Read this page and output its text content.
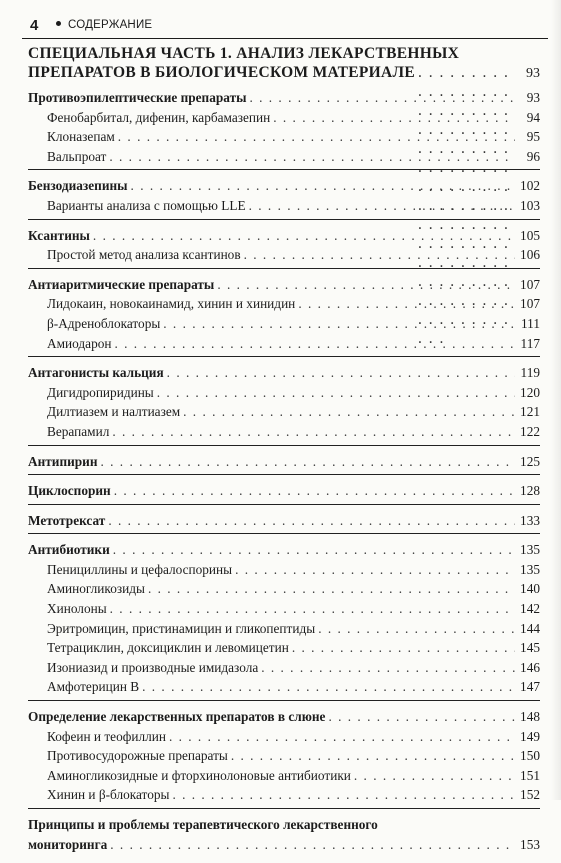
4	СОДЕРЖАНИЕ
СПЕЦИАЛЬНАЯ ЧАСТЬ 1. АНАЛИЗ ЛЕКАРСТВЕННЫХ
ПРЕПАРАТОВ В БИОЛОГИЧЕСКОМ МАТЕРИАЛЕ . . .	93
Противоэпилептические препараты . . .	93
Фенобарбитал, дифенин, карбамазепин . . .	94
Клоназепам . . .	95
Вальпроат . . .	96
Бензодиазепины . . .	102
Варианты анализа с помощью LLE . . .	103
Ксантины . . .	105
Простой метод анализа ксантинов . . .	106
Антиаритмические препараты . . .	107
Лидокаин, новокаинамид, хинин и хинидин . . .	107
β-Адреноблокаторы . . .	111
Амиодарон . . .	117
Антагонисты кальция . . .	119
Дигидропиридины . . .	120
Дилтиазем и налтиазем . . .	121
Верапамил . . .	122
Антипирин . . .	125
Циклоспорин . . .	128
Метотрексат . . .	133
Антибиотики . . .	135
Пенициллины и цефалоспорины . . .	135
Аминогликозиды . . .	140
Хинолоны . . .	142
Эритромицин, пристинамицин и гликопептиды . . .	144
Тетрациклин, доксициклин и левомицетин . . .	145
Изониазид и производные имидазола . . .	146
Амфотерицин B . . .	147
Определение лекарственных препаратов в слюне . . .	148
Кофеин и теофиллин . . .	149
Противосудорожные препараты . . .	150
Аминогликозидные и фторхинолоновые антибиотики . . .	151
Хинин и β-блокаторы . . .	152
Принципы и проблемы терапевтического лекарственного
мониторинга . . .	153
